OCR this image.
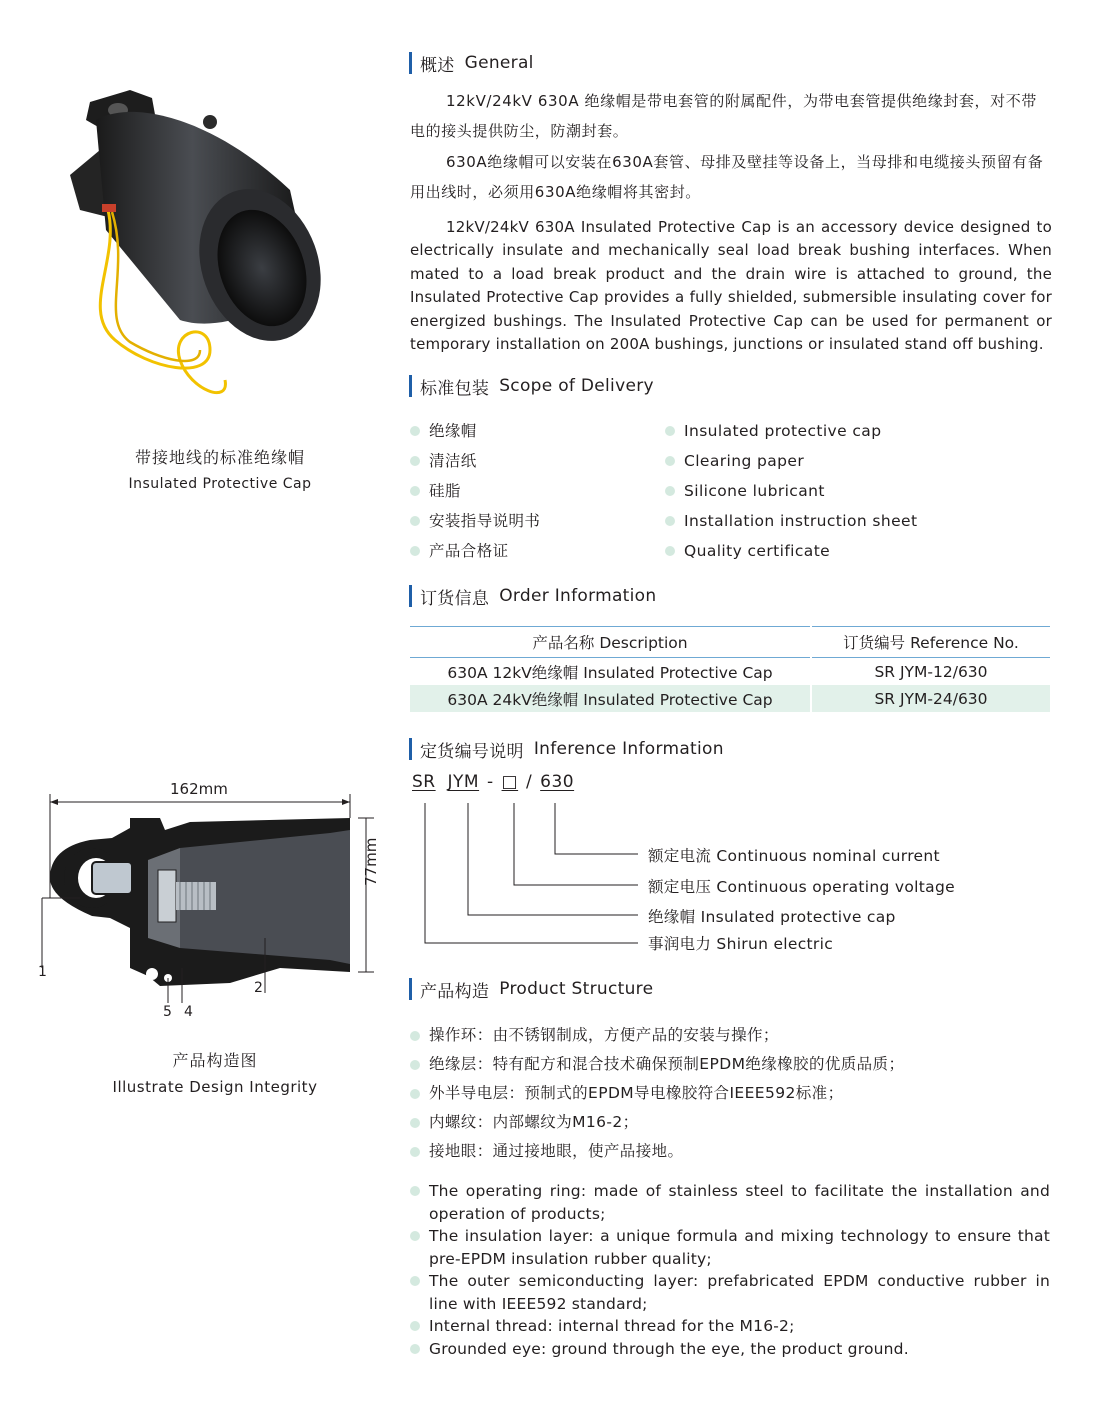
带接地线的标准绝缘帽
Insulated Protective Cap
162mm
77mm
1
2
5 4
产品构造图
Illustrate Design Integrity
概述 General
12kV/24kV 630A 绝缘帽是带电套管的附属配件，为带电套管提供绝缘封套，对不带电的接头提供防尘，防潮封套。
630A绝缘帽可以安装在630A套管、母排及壁挂等设备上，当母排和电缆接头预留有备用出线时，必须用630A绝缘帽将其密封。
12kV/24kV 630A Insulated Protective Cap is an accessory device designed to electrically insulate and mechanically seal load break bushing interfaces. When mated to a load break product and the drain wire is attached to ground, the Insulated Protective Cap provides a fully shielded, submersible insulating cover for energized bushings. The Insulated Protective Cap can be used for permanent or temporary installation on 200A bushings, junctions or insulated stand off bushing.
标准包装 Scope of Delivery
绝缘帽
清洁纸
硅脂
安装指导说明书
产品合格证
Insulated protective cap
Clearing paper
Silicone lubricant
Installation instruction sheet
Quality certificate
订货信息 Order Information
产品名称 Description	订货编号 Reference No.
630A 12kV绝缘帽 Insulated Protective Cap	SR JYM-12/630
630A 24kV绝缘帽 Insulated Protective Cap	SR JYM-24/630
定货编号说明 Inference Information
SR JYM - □ / 630
额定电流 Continuous nominal current
额定电压 Continuous operating voltage
绝缘帽 Insulated protective cap
事润电力 Shirun electric
产品构造 Product Structure
操作环：由不锈钢制成，方便产品的安装与操作；
绝缘层：特有配方和混合技术确保预制EPDM绝缘橡胶的优质品质；
外半导电层：预制式的EPDM导电橡胶符合IEEE592标准；
内螺纹：内部螺纹为M16-2；
接地眼：通过接地眼，使产品接地。
The operating ring: made of stainless steel to facilitate the installation and operation of products;
The insulation layer: a unique formula and mixing technology to ensure that pre-EPDM insulation rubber quality;
The outer semiconducting layer: prefabricated EPDM conductive rubber in line with IEEE592 standard;
Internal thread: internal thread for the M16-2;
Grounded eye: ground through the eye, the product ground.
